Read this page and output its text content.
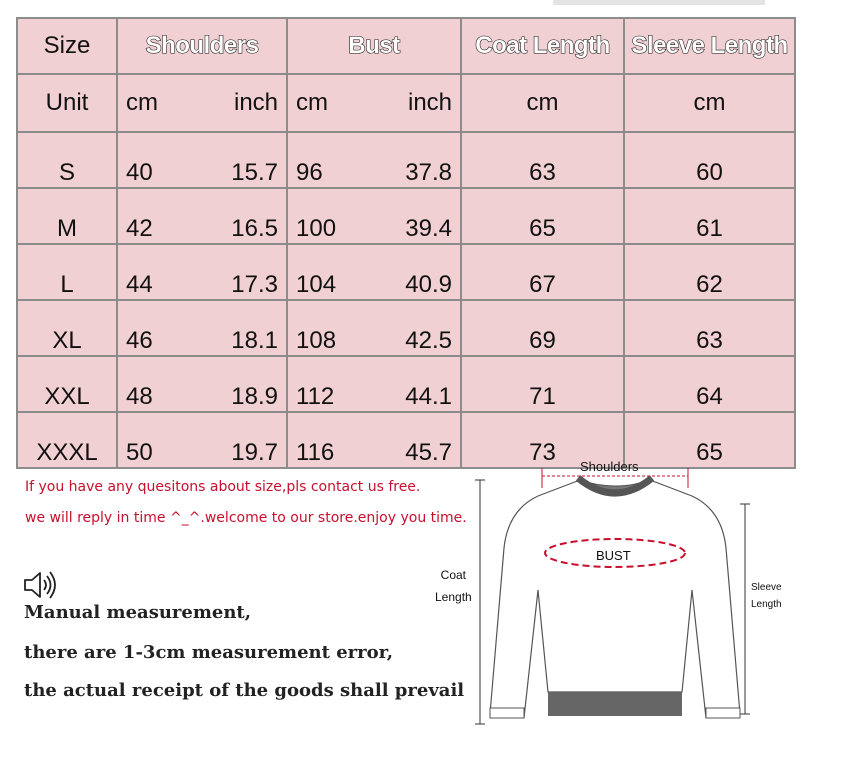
Size	Shoulders		Bust		Coat Length	Sleeve Length
Unit	cm	inch	cm	inch	cm	cm
S	40	15.7	96	37.8	63	60
M	42	16.5	100	39.4	65	61
L	44	17.3	104	40.9	67	62
XL	46	18.1	108	42.5	69	63
XXL	48	18.9	112	44.1	71	64
XXXL	50	19.7	116	45.7	73	65
If you have any quesitons about size,pls contact us free.
we will reply in time ^_^.welcome to our store.enjoy you time.
Manual measurement,
there are 1-3cm measurement error,
the actual receipt of the goods shall prevail
Shoulders
BUST
Coat
Length
Sleeve
Length
